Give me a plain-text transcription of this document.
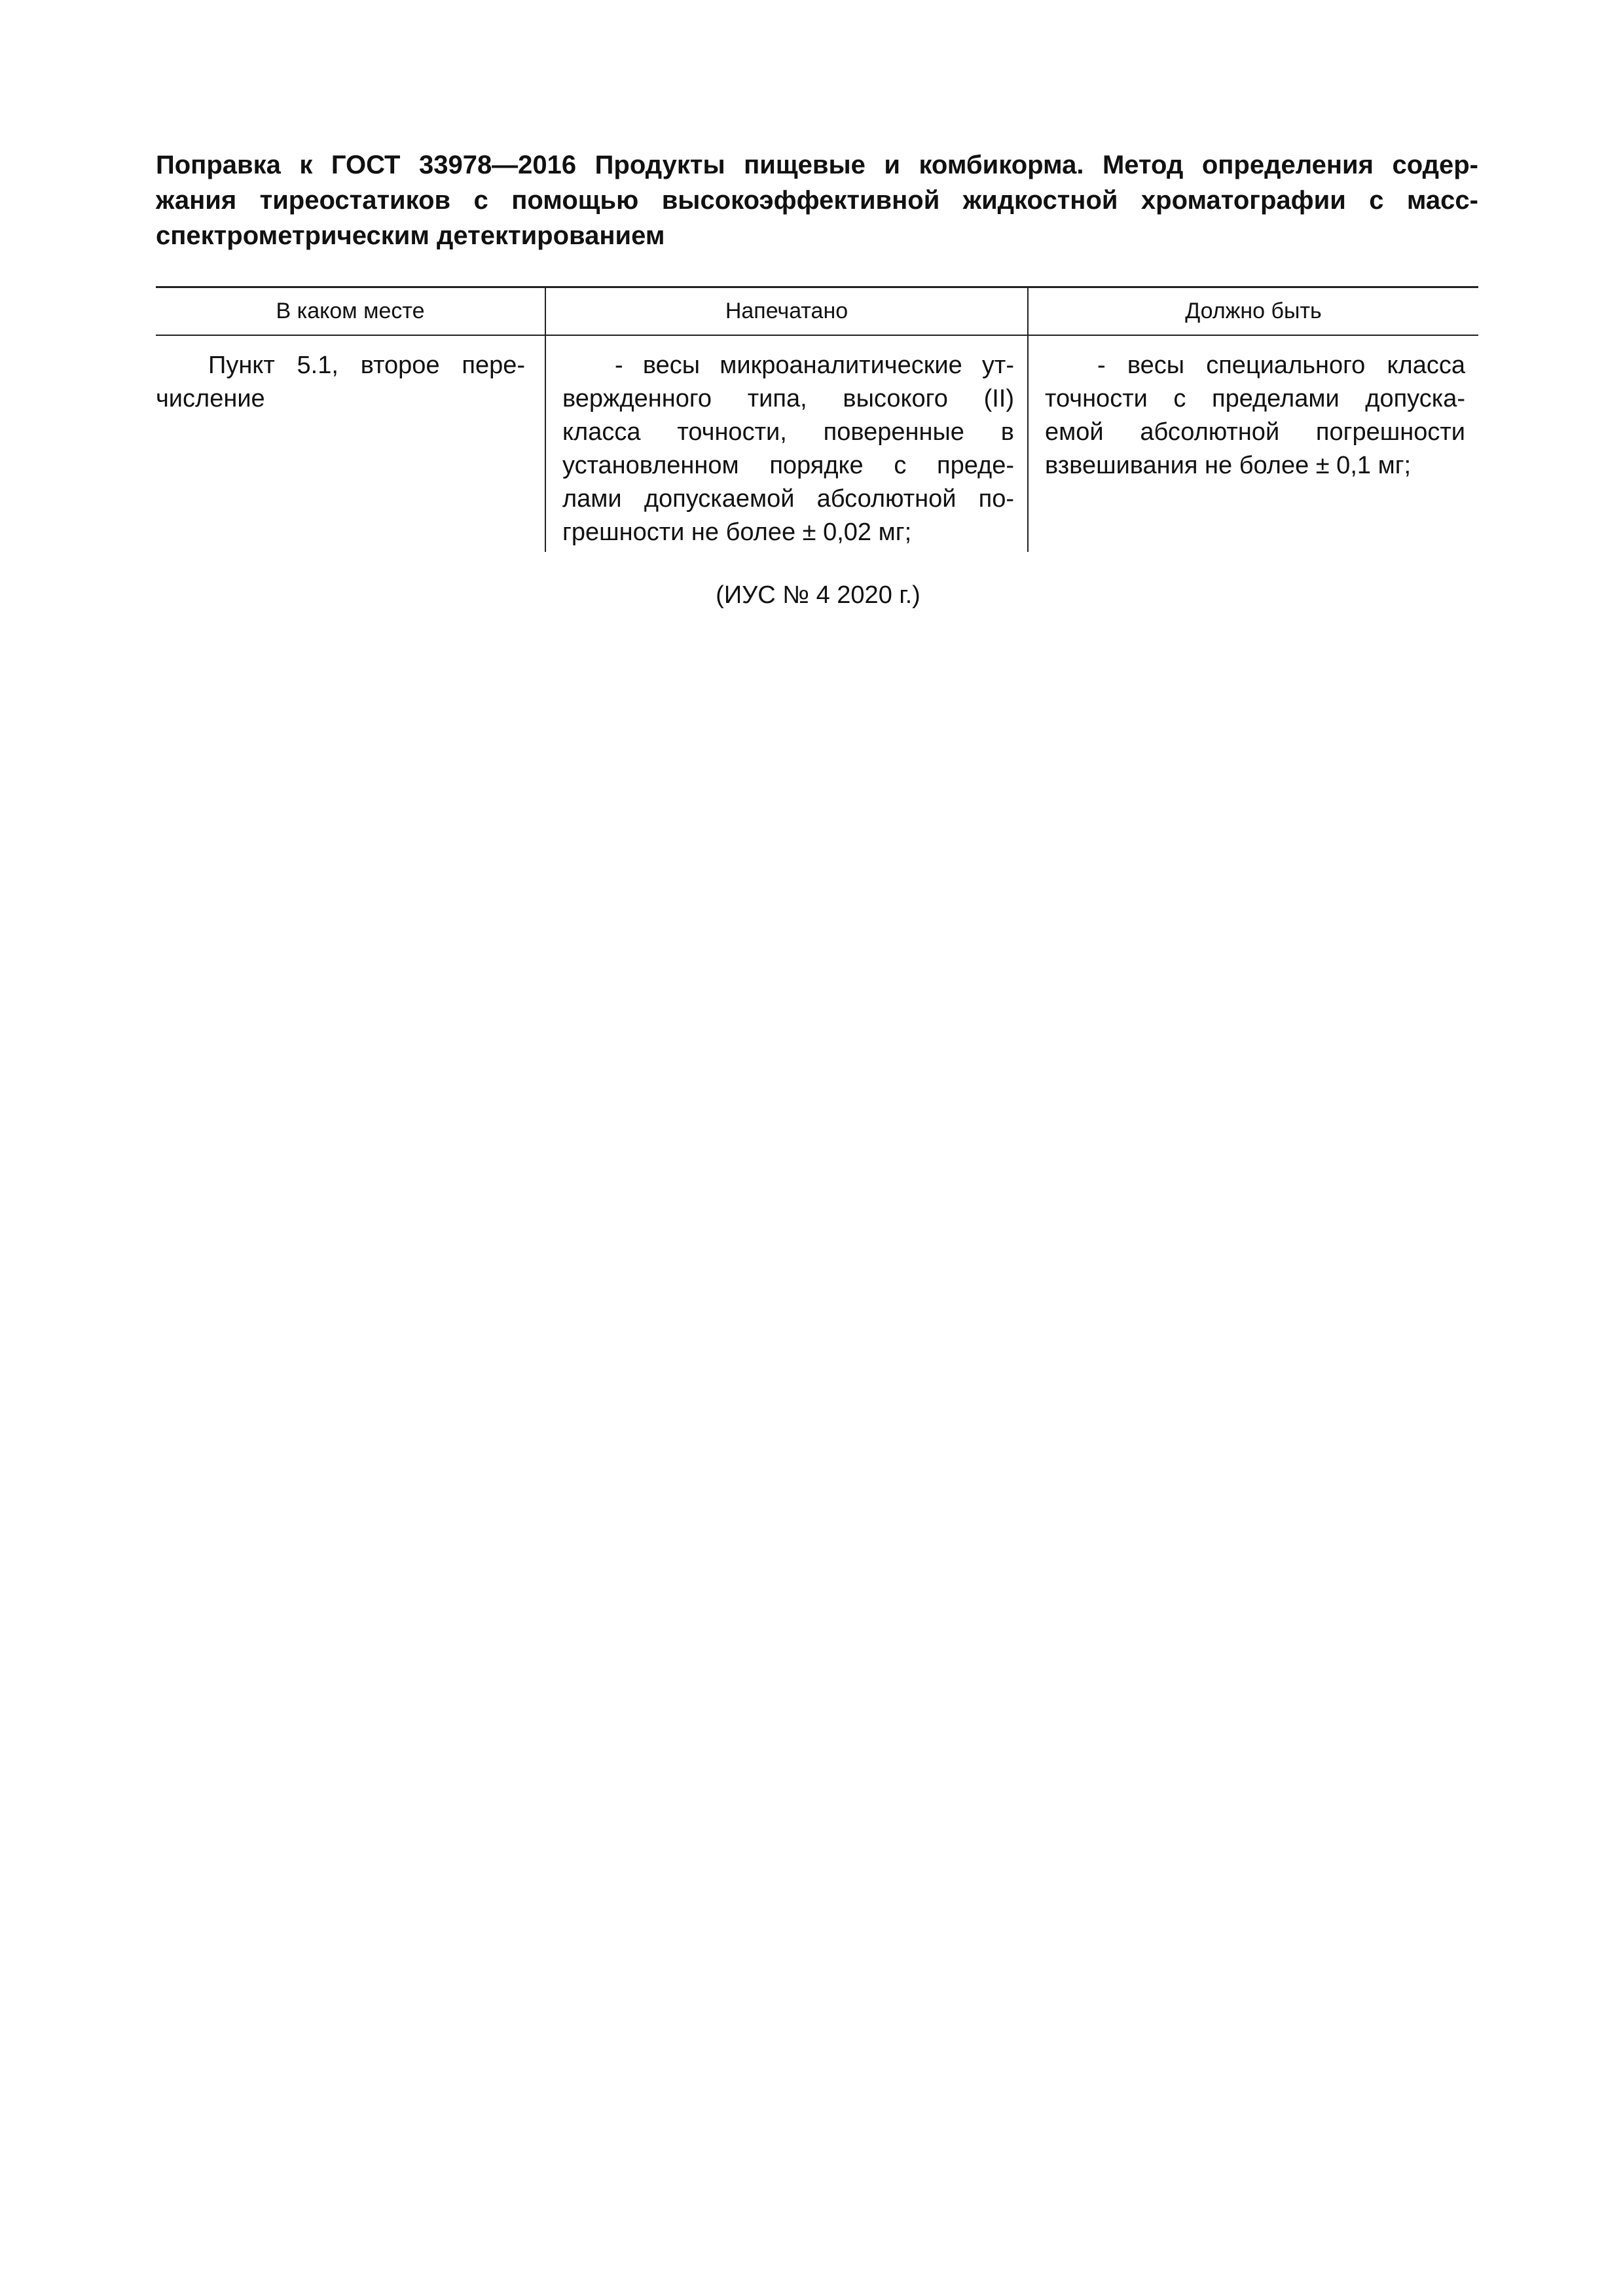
Поправка к ГОСТ 33978—2016 Продукты пищевые и комбикорма. Метод определения содер-
жания тиреостатиков с помощью высокоэффективной жидкостной хроматографии с масс-
спектрометрическим детектированием
В каком месте	Напечатано	Должно быть
Пункт 5.1, второе пере-
числение
- весы микроаналитические ут-
вержденного типа, высокого (II)
класса точности, поверенные в
установленном порядке с преде-
лами допускаемой абсолютной по-
грешности не более ± 0,02 мг;
- весы специального класса
точности с пределами допуска-
емой абсолютной погрешности
взвешивания не более ± 0,1 мг;
(ИУС № 4 2020 г.)
